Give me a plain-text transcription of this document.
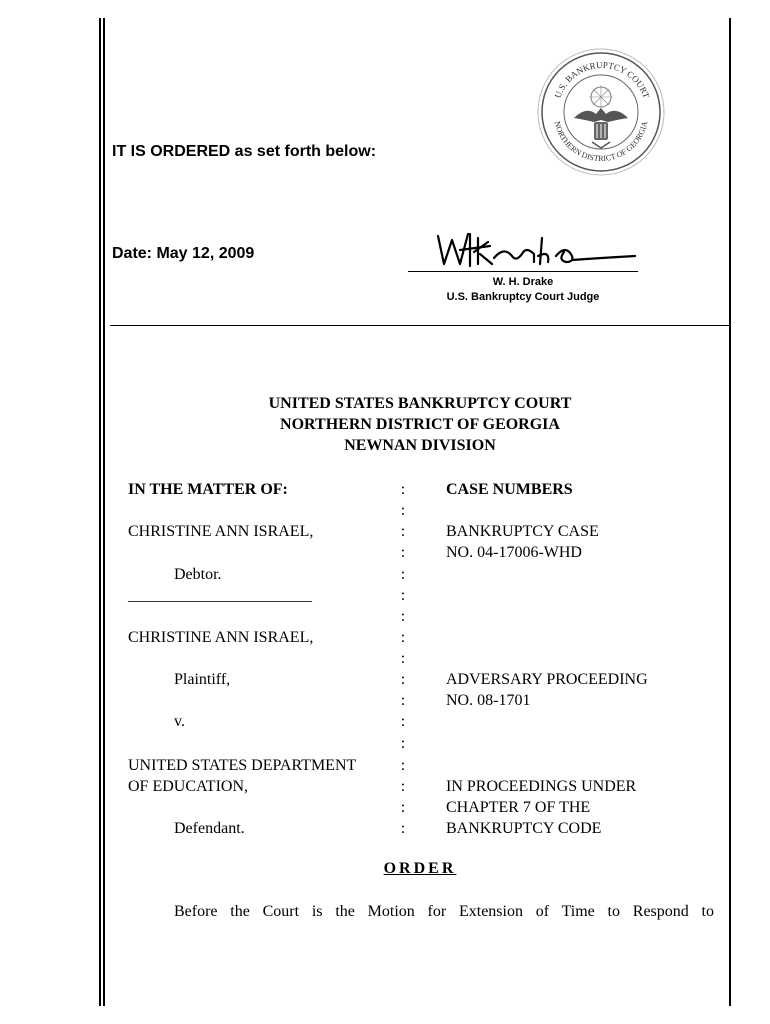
U.S. BANKRUPTCY COURT
NORTHERN DISTRICT OF GEORGIA
IT IS ORDERED as set forth below:
Date: May 12, 2009
W. H. Drake
U.S. Bankruptcy Court Judge
UNITED STATES BANKRUPTCY COURT
NORTHERN DISTRICT OF GEORGIA
NEWNAN DIVISION
IN THE MATTER OF:
CHRISTINE ANN ISRAEL,
Debtor.
_______________________
CHRISTINE ANN ISRAEL,
Plaintiff,
v.
UNITED STATES DEPARTMENT
OF EDUCATION,
Defendant.
:
:
:
:
:
:
:
:
:
:
:
:
:
:
:
:
:
CASE NUMBERS
BANKRUPTCY CASE
NO. 04-17006-WHD
ADVERSARY PROCEEDING
NO. 08-1701
IN PROCEEDINGS UNDER
CHAPTER 7 OF THE
BANKRUPTCY CODE
ORDER
Before the Court is the Motion for Extension of Time to Respond to
